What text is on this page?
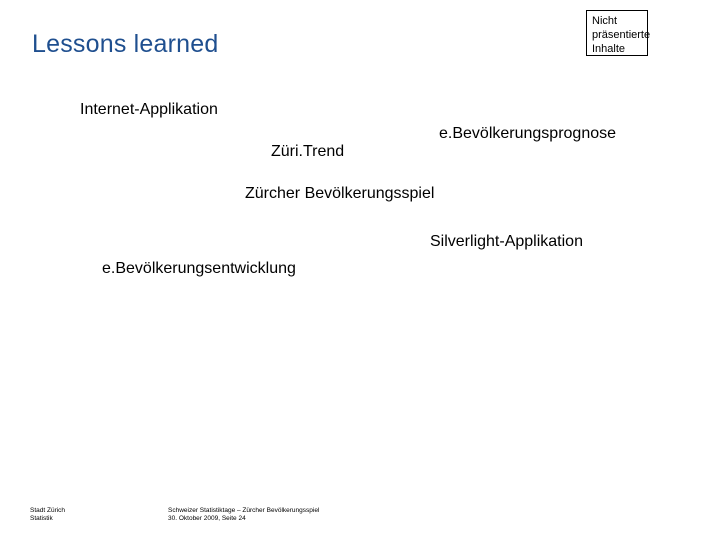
Lessons learned
Nicht präsentierte
Inhalte
Internet-Applikation
Züri.Trend
e.Bevölkerungsprognose
Zürcher Bevölkerungsspiel
Silverlight-Applikation
e.Bevölkerungsentwicklung
Stadt Zürich
Statistik
Schweizer Statistiktage – Zürcher Bevölkerungsspiel
30. Oktober 2009, Seite 24
